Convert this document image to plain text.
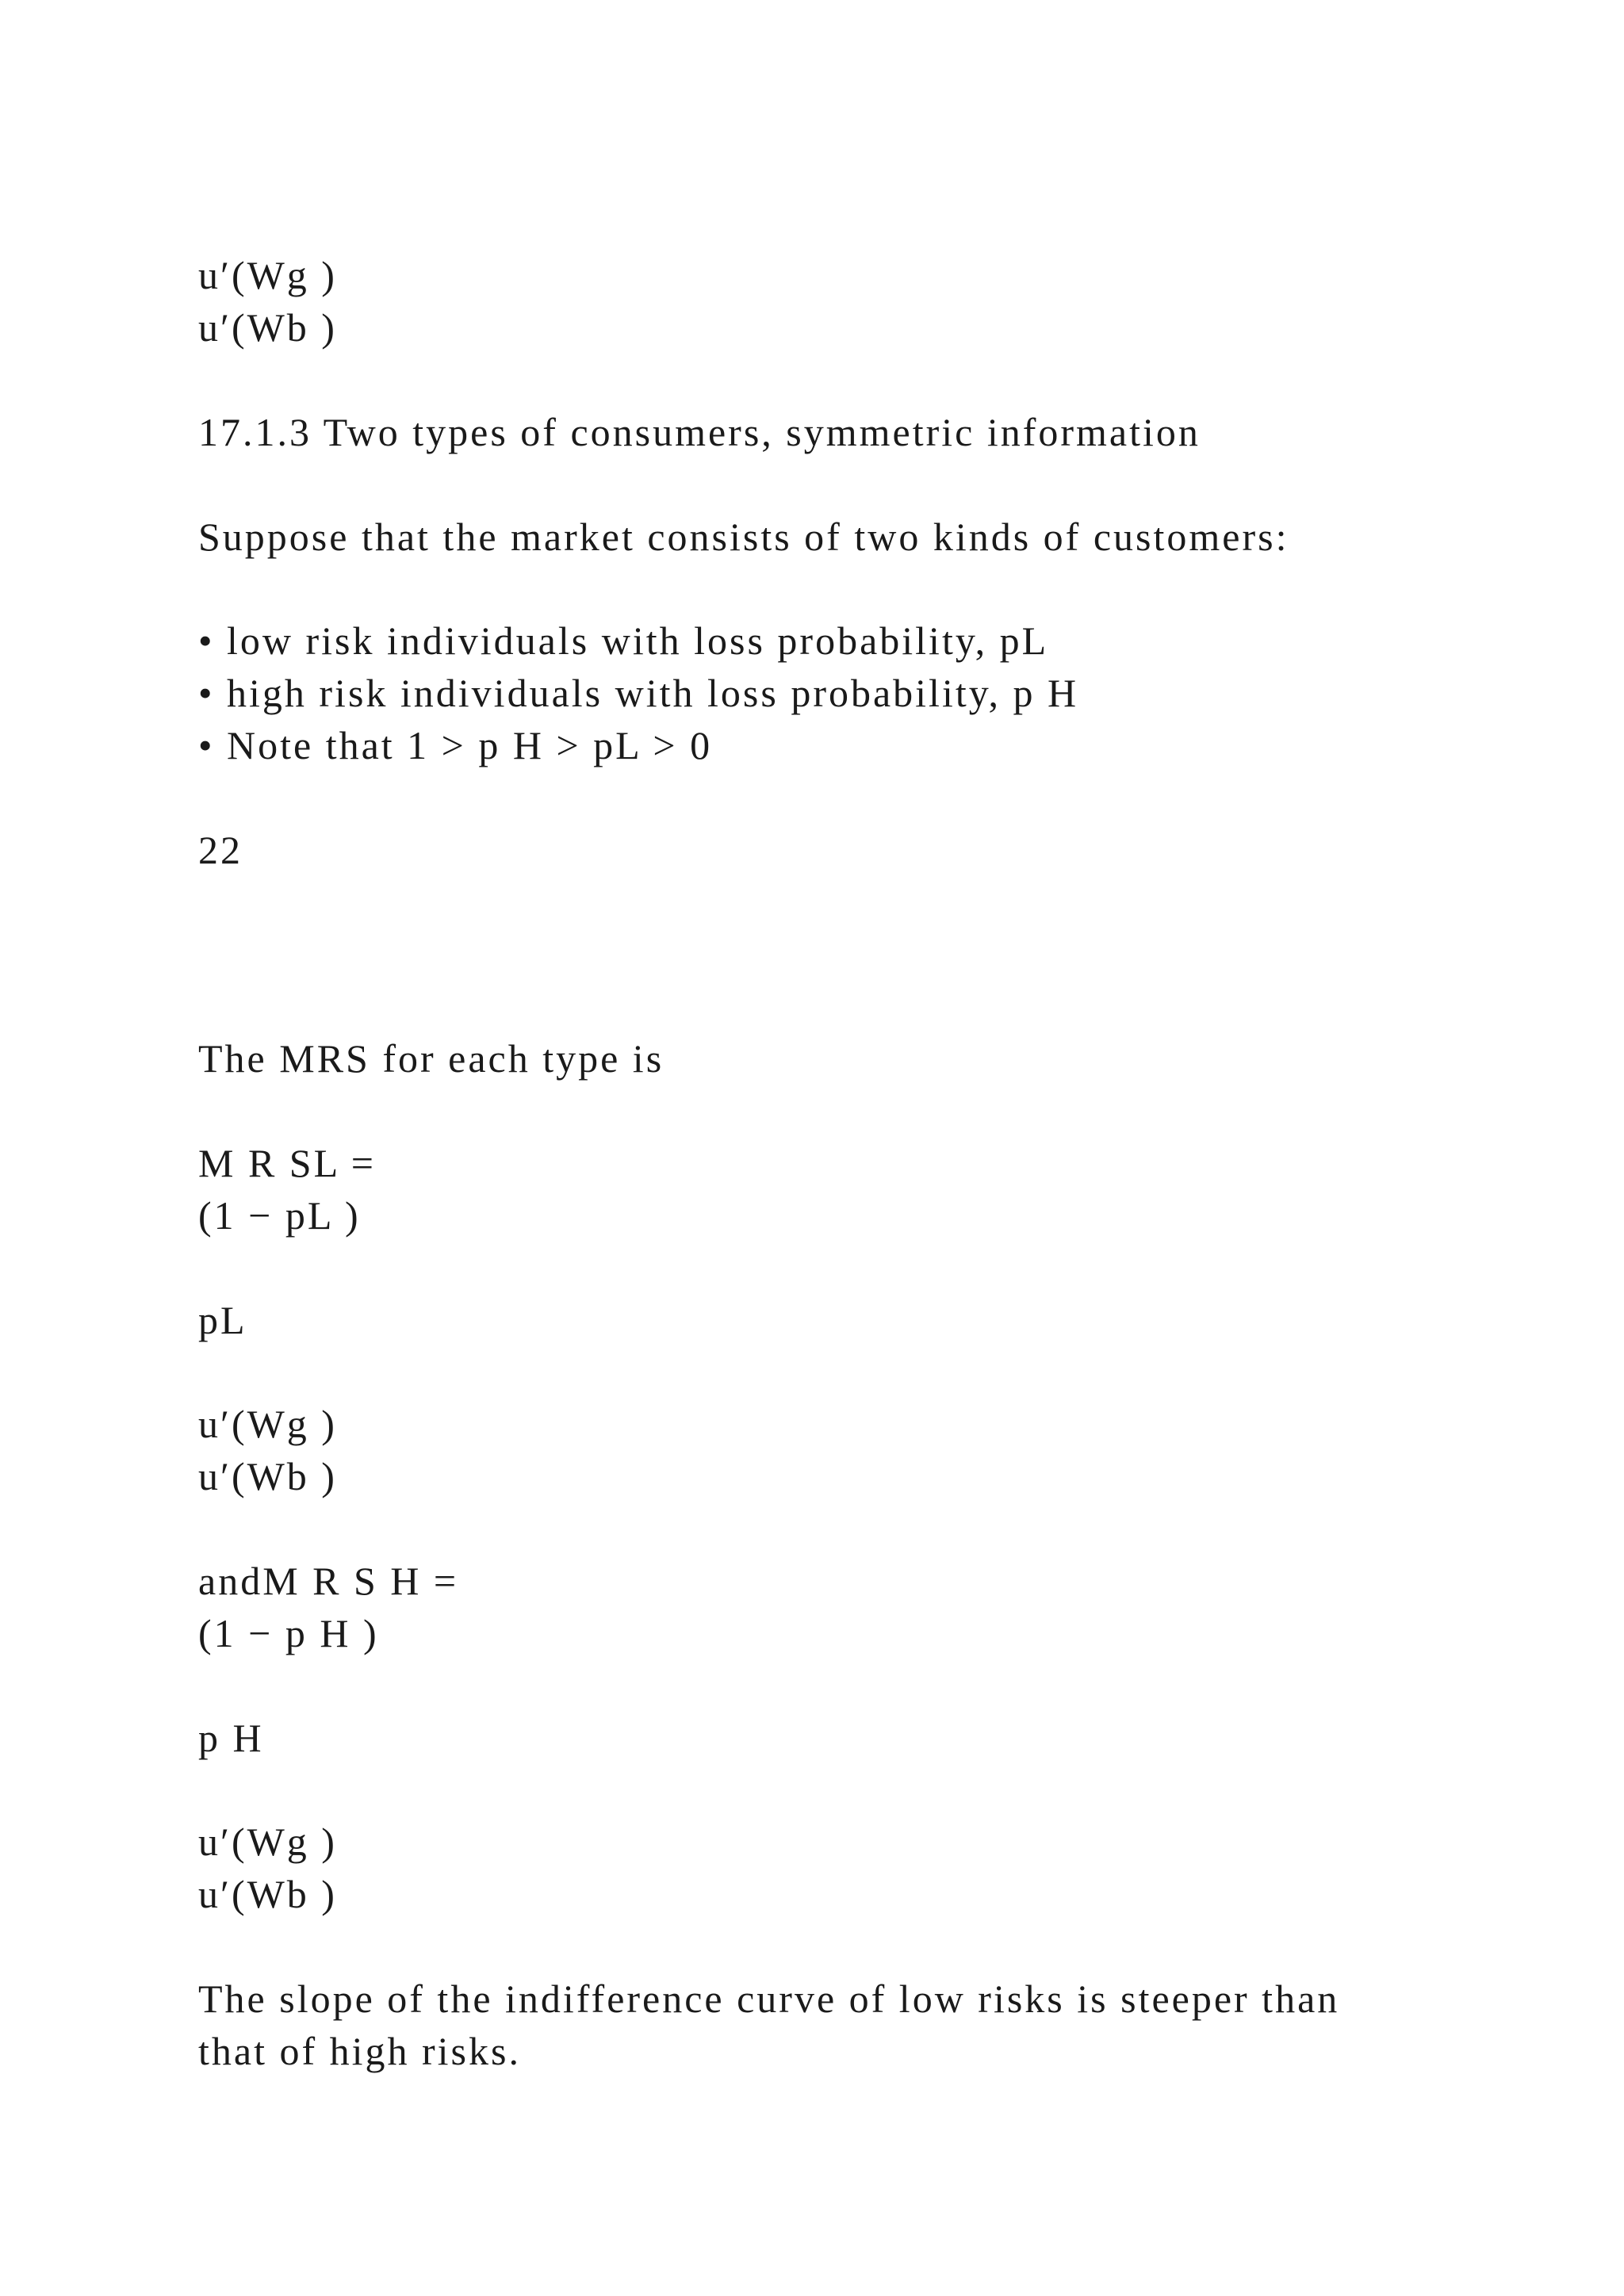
u′(Wg )

u′(Wb )

17.1.3 Two types of consumers, symmetric information

Suppose that the market consists of two kinds of customers:

• low risk individuals with loss probability, pL

• high risk individuals with loss probability, p H

• Note that 1 > p H > pL > 0

22

The MRS for each type is

M R SL =

(1 − pL )

pL

u′(Wg )

u′(Wb )

andM R S H =

(1 − p H )

p H

u′(Wg )

u′(Wb )

The slope of the indifference curve of low risks is steeper than

that of high risks.
